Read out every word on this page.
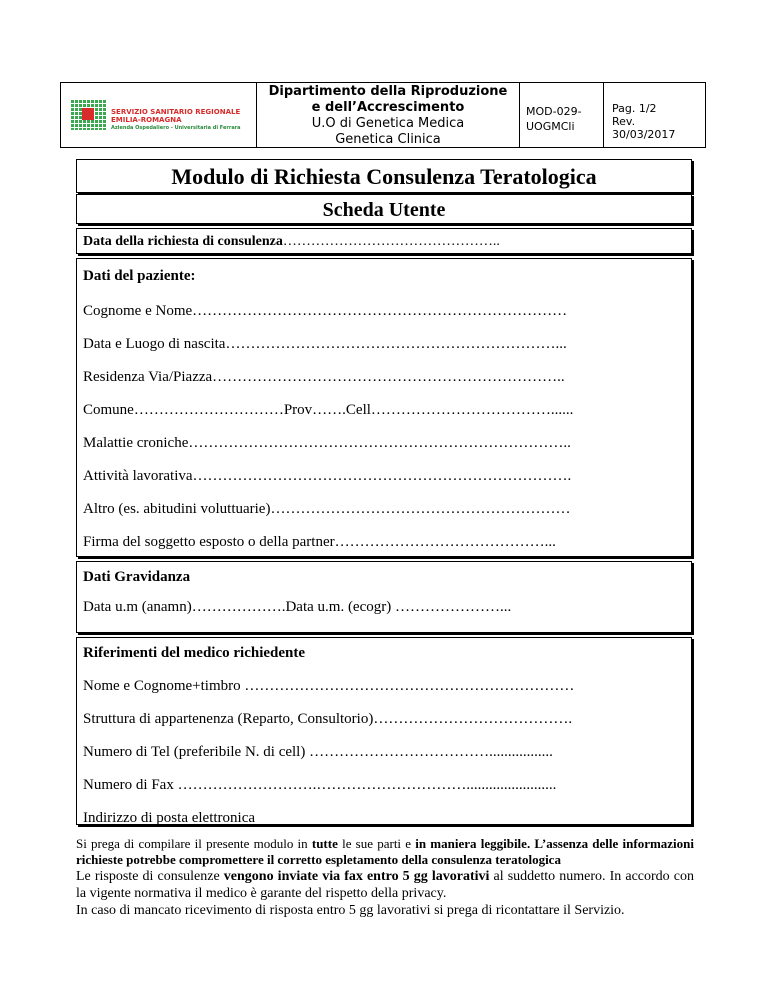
SERVIZIO SANITARIO REGIONALE
EMILIA-ROMAGNA
Azienda Ospedaliero - Universitaria di Ferrara
Dipartimento della Riproduzione
e dell’Accrescimento
U.O di Genetica Medica
Genetica Clinica
MOD-029-
UOGMCli
Pag. 1/2
Rev.
30/03/2017
Modulo di Richiesta Consulenza Teratologica
Scheda Utente
Data della richiesta di consulenza………………………………………..
Dati del paziente:
Cognome e Nome…………………………………………………………………
Data e Luogo di nascita…………………………………………………………...
Residenza Via/Piazza……………………………………………………………..
Comune…………………………Prov…….Cell………………………………......
Malattie croniche…………………………………………………………………..
Attività lavorativa………………………………………………………………….
Altro (es. abitudini voluttuarie)……………………………………………………
Firma del soggetto esposto o della partner……………………………………...
Dati Gravidanza
Data u.m (anamn)……………….Data u.m. (ecogr) …………………...
Riferimenti del medico richiedente
Nome e Cognome+timbro …………………………………………………………
Struttura di appartenenza (Reparto, Consultorio)………………………………….
Numero di Tel (preferibile N. di cell) ……………………………….................
Numero di Fax ……………………….…………………………........................
Indirizzo di posta elettronica

Si prega di compilare il presente modulo in tutte le sue parti e in maniera leggibile. L’assenza delle informazioni richieste potrebbe compromettere il corretto espletamento della consulenza teratologica

Le risposte di consulenze vengono inviate via fax entro 5 gg lavorativi al suddetto numero. In accordo con la vigente normativa il medico è garante del rispetto della privacy.

In caso di mancato ricevimento di risposta entro 5 gg lavorativi si prega di ricontattare il Servizio.
